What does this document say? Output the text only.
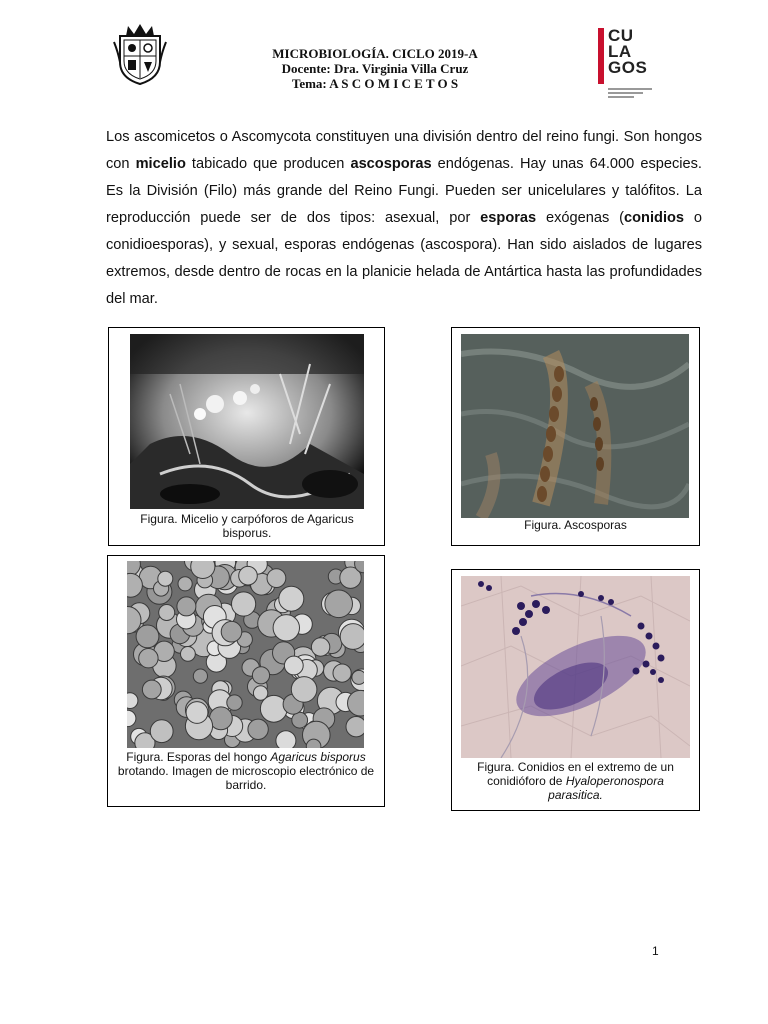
MICROBIOLOGÍA. CICLO 2019-A
Docente: Dra. Virginia Villa Cruz
Tema: A S C O M I C E T O S
CU
LA
GOS
Los ascomicetos o Ascomycota constituyen una división dentro del reino fungi. Son hongos con micelio tabicado que producen ascosporas endógenas. Hay unas 64.000 especies. Es la División (Filo) más grande del Reino Fungi. Pueden ser unicelulares y talófitos. La reproducción puede ser de dos tipos: asexual, por esporas exógenas (conidios o conidioesporas), y sexual, esporas endógenas (ascospora). Han sido aislados de lugares extremos, desde dentro de rocas en la planicie helada de Antártica hasta las profundidades del mar.
Figura. Micelio y carpóforos de Agaricus bisporus.
Figura. Ascosporas
Figura. Esporas del hongo Agaricus bisporus brotando. Imagen de microscopio electrónico de barrido.
Figura. Conidios en el extremo de un conidióforo de Hyaloperonospora parasitica.
1
